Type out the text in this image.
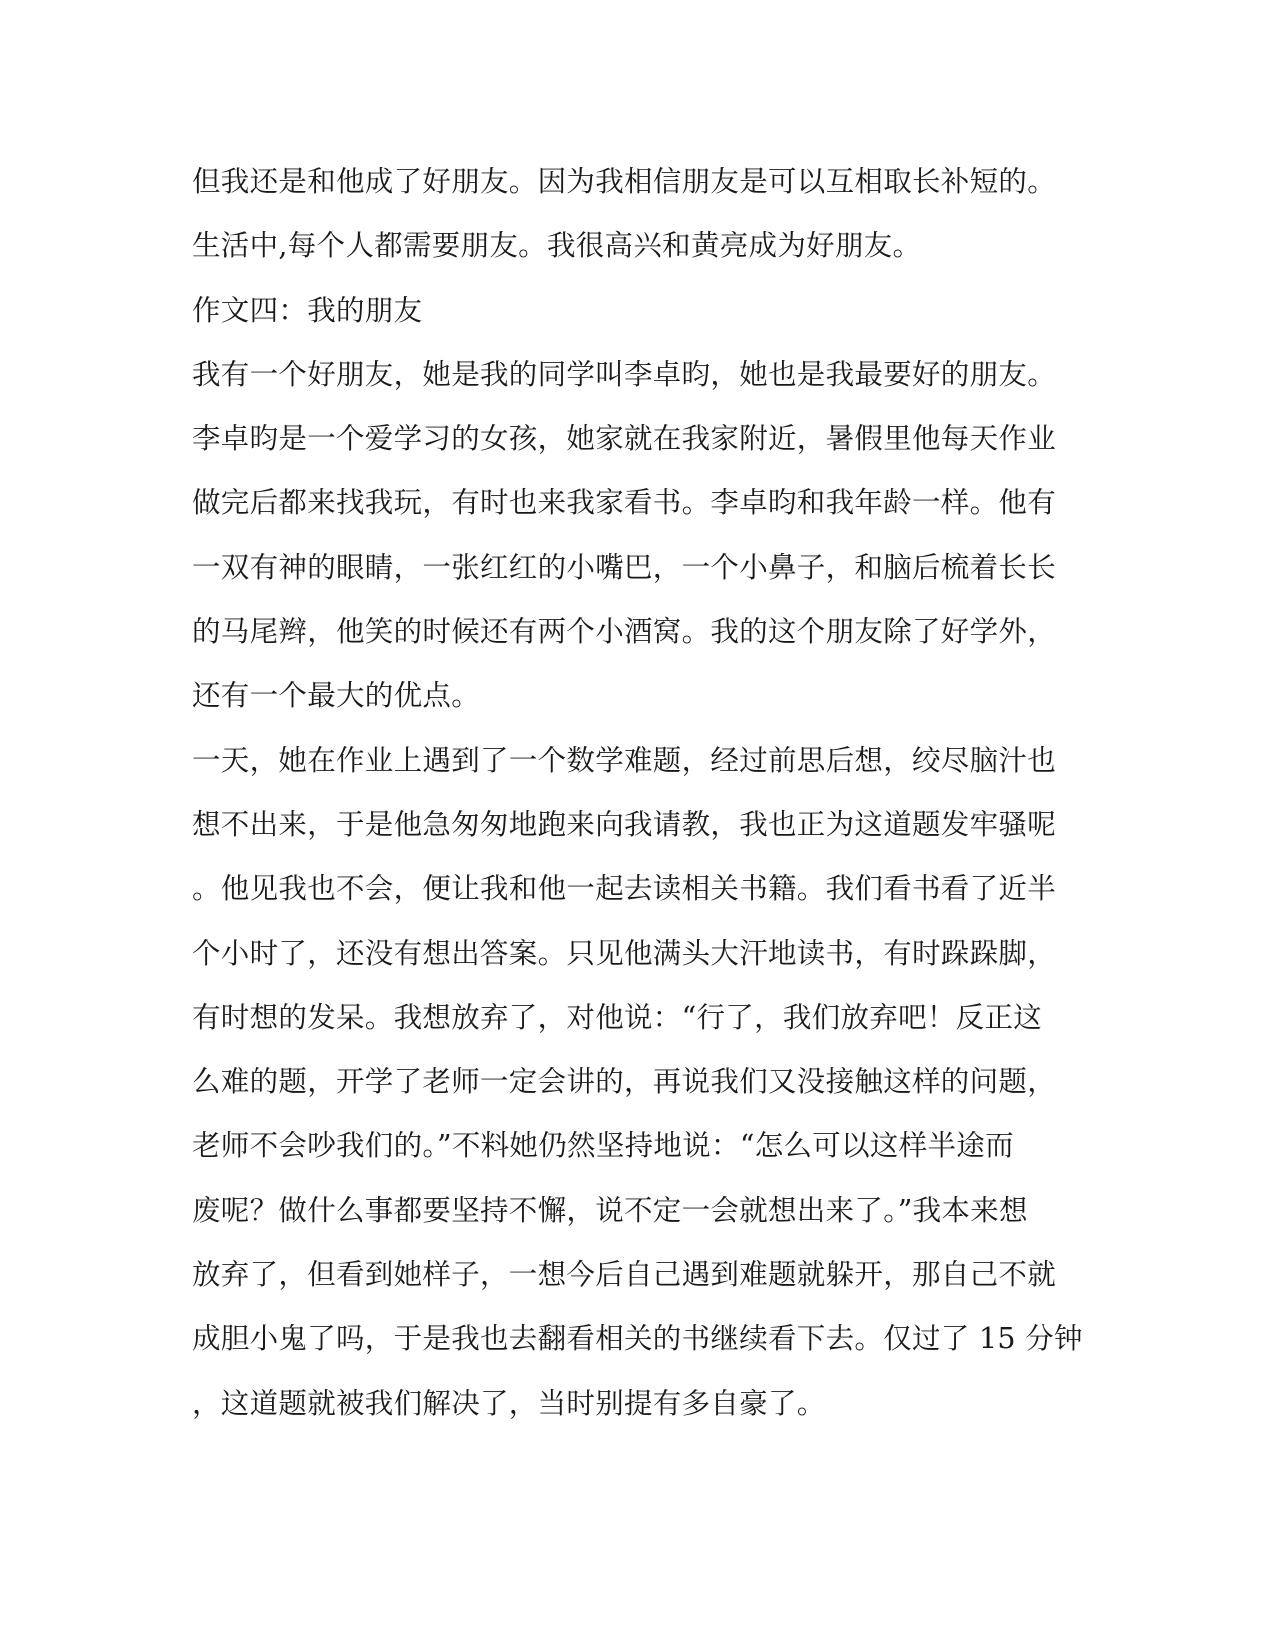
但我还是和他成了好朋友。因为我相信朋友是可以互相取长补短的。
生活中,每个人都需要朋友。我很高兴和黄亮成为好朋友。
作文四：我的朋友
我有一个好朋友，她是我的同学叫李卓昀，她也是我最要好的朋友。
李卓昀是一个爱学习的女孩，她家就在我家附近，暑假里他每天作业
做完后都来找我玩，有时也来我家看书。李卓昀和我年龄一样。他有
一双有神的眼睛，一张红红的小嘴巴，一个小鼻子，和脑后梳着长长
的马尾辫，他笑的时候还有两个小酒窝。我的这个朋友除了好学外，
还有一个最大的优点。
一天，她在作业上遇到了一个数学难题，经过前思后想，绞尽脑汁也
想不出来，于是他急匆匆地跑来向我请教，我也正为这道题发牢骚呢
。他见我也不会，便让我和他一起去读相关书籍。我们看书看了近半
个小时了，还没有想出答案。只见他满头大汗地读书，有时跺跺脚，
有时想的发呆。我想放弃了，对他说：“行了，我们放弃吧！反正这
么难的题，开学了老师一定会讲的，再说我们又没接触这样的问题，
老师不会吵我们的。”不料她仍然坚持地说：“怎么可以这样半途而
废呢？做什么事都要坚持不懈，说不定一会就想出来了。”我本来想
放弃了，但看到她样子，一想今后自己遇到难题就躲开，那自己不就
成胆小鬼了吗，于是我也去翻看相关的书继续看下去。仅过了 15 分钟
，这道题就被我们解决了，当时别提有多自豪了。
